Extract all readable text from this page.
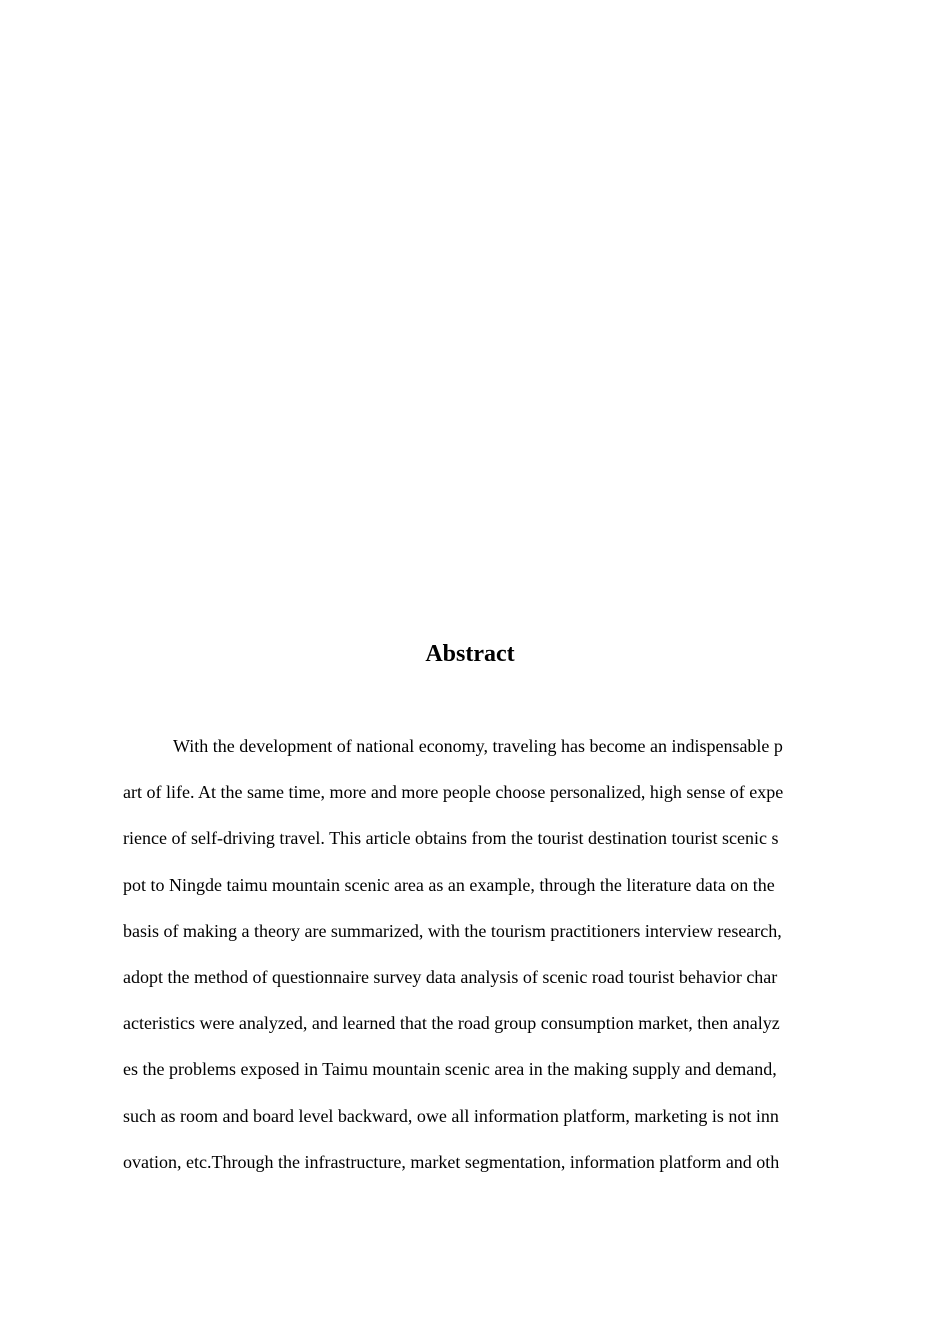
Abstract
With the development of national economy, traveling has become an indispensable p
art of life. At the same time, more and more people choose personalized, high sense of expe
rience of self-driving travel. This article obtains from the tourist destination tourist scenic s
pot to Ningde taimu mountain scenic area as an example, through the literature data on the
basis of making a theory are summarized, with the tourism practitioners interview research,
adopt the method of questionnaire survey data analysis of scenic road tourist behavior char
acteristics were analyzed, and learned that the road group consumption market, then analyz
es the problems exposed in Taimu mountain scenic area in the making supply and demand,
such as room and board level backward, owe all information platform, marketing is not inn
ovation, etc.Through the infrastructure, market segmentation, information platform and oth
